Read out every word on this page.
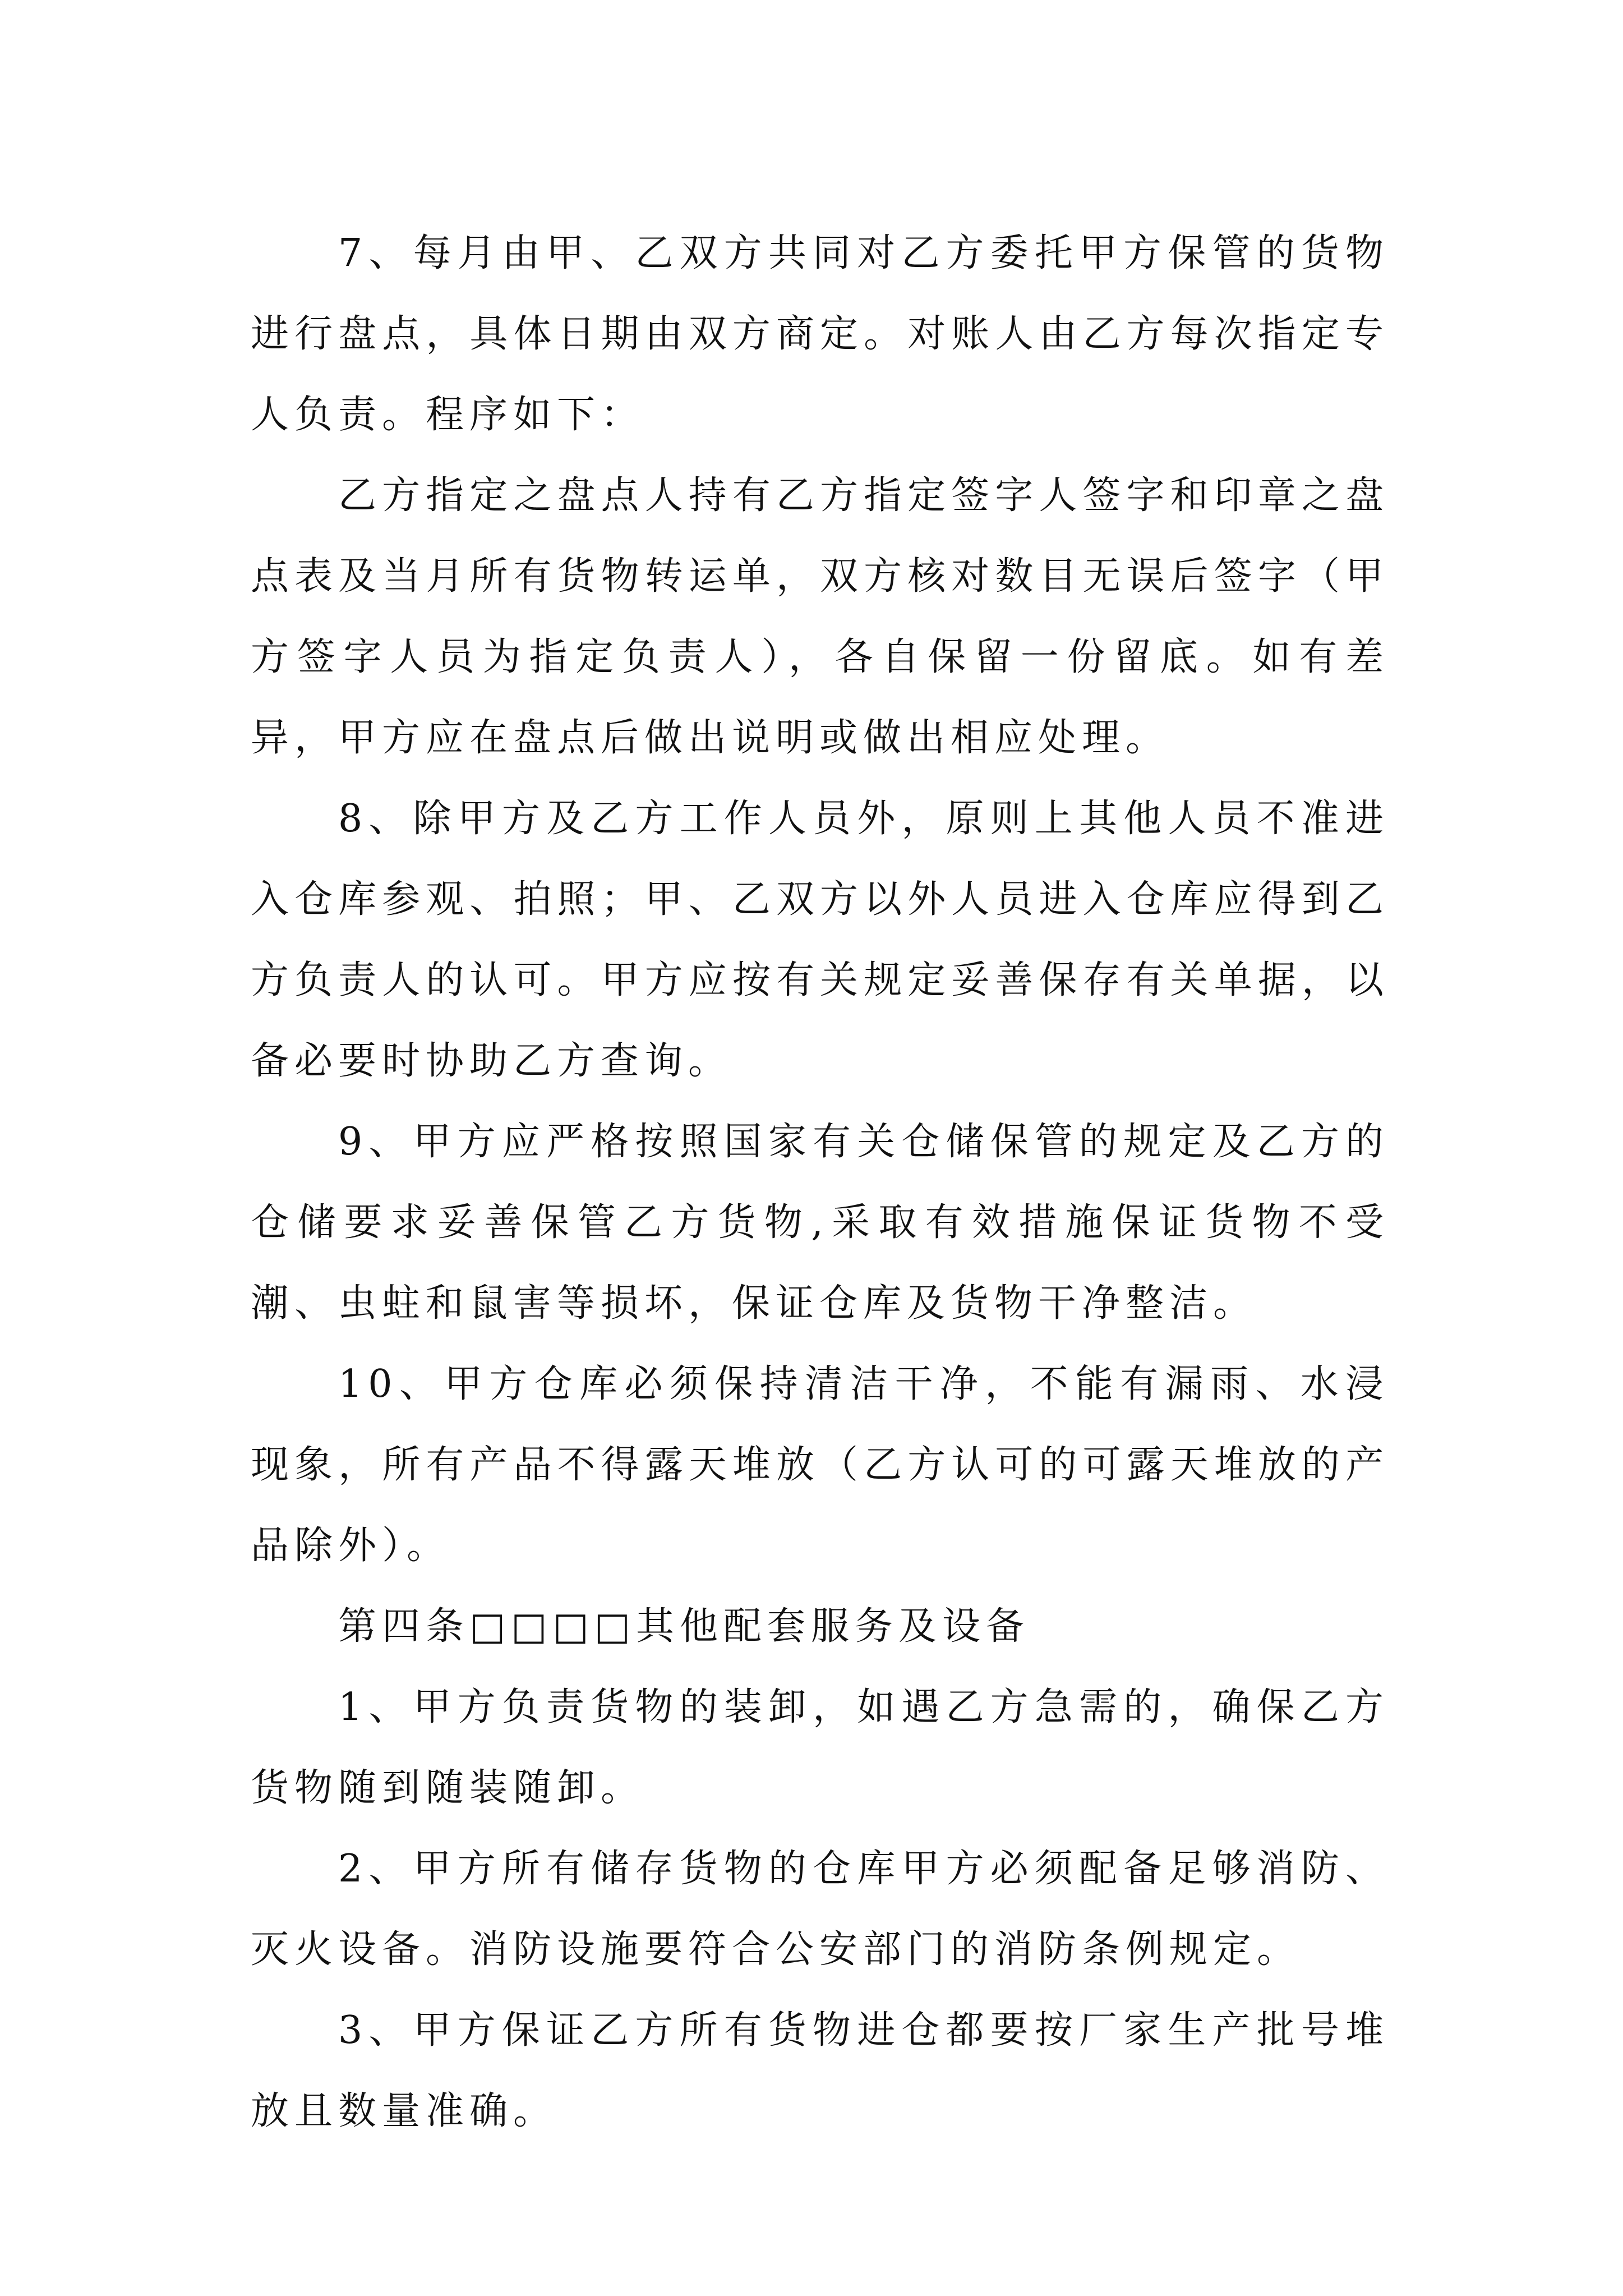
7、每月由甲、乙双方共同对乙方委托甲方保管的货物进行盘点，具体日期由双方商定。对账人由乙方每次指定专人负责。程序如下：

乙方指定之盘点人持有乙方指定签字人签字和印章之盘点表及当月所有货物转运单，双方核对数目无误后签字（甲方签字人员为指定负责人），各自保留一份留底。如有差异，甲方应在盘点后做出说明或做出相应处理。

8、除甲方及乙方工作人员外，原则上其他人员不准进入仓库参观、拍照；甲、乙双方以外人员进入仓库应得到乙方负责人的认可。甲方应按有关规定妥善保存有关单据，以备必要时协助乙方查询。

9、甲方应严格按照国家有关仓储保管的规定及乙方的仓储要求妥善保管乙方货物,采取有效措施保证货物不受潮、虫蛀和鼠害等损坏，保证仓库及货物干净整洁。

10、甲方仓库必须保持清洁干净，不能有漏雨、水浸现象，所有产品不得露天堆放（乙方认可的可露天堆放的产品除外）。

第四条□□□□其他配套服务及设备

1、甲方负责货物的装卸，如遇乙方急需的，确保乙方货物随到随装随卸。

2、甲方所有储存货物的仓库甲方必须配备足够消防、灭火设备。消防设施要符合公安部门的消防条例规定。

3、甲方保证乙方所有货物进仓都要按厂家生产批号堆放且数量准确。
